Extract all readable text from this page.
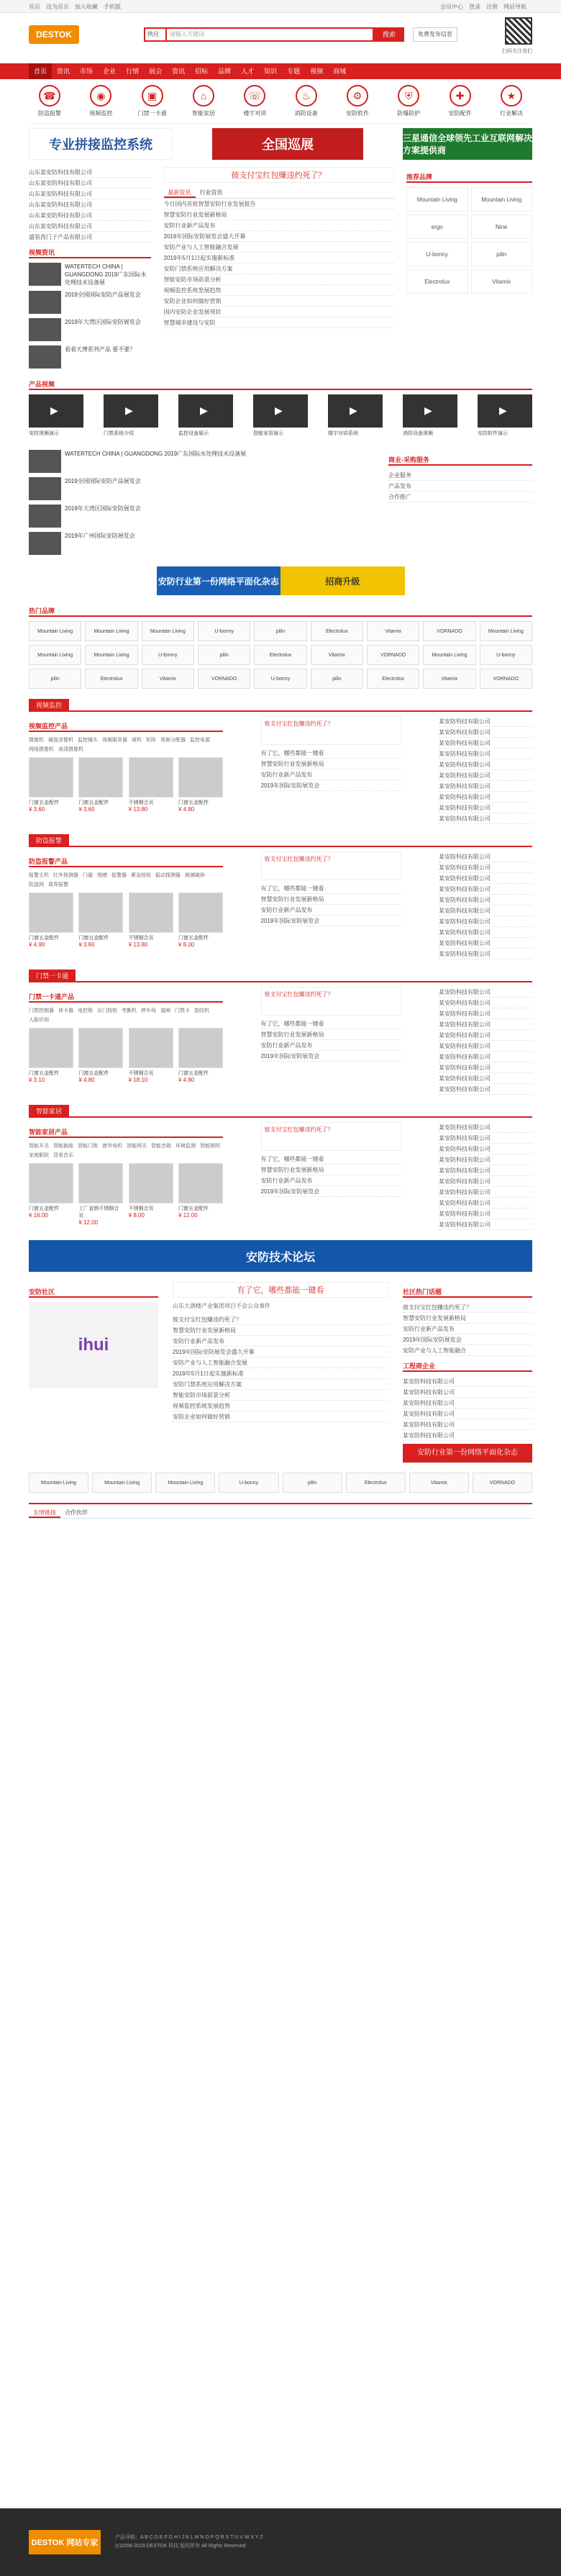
首页 设为首页 加入收藏 手机版	会员中心 登录 注册 网站导航
DESTOK	供应	请输入关键词	搜索	免费发布信息
扫码关注我们
首页	资讯	市场	企业	行情	展会	资讯	招标	品牌	人才	知识	专题	视频	商城
☎
防盗报警
◉
视频监控
▣
门禁一卡通
⌂
智能家居
☏
楼宇对讲
♨
消防设备
⚙
安防软件
⛨
防爆防护
✚
安防配件
★
行业解决
专业拼接监控系统	全国巡展	三星通信全球领先工业互联网解决方案提供商
山东某安防科技有限公司
山东某安防科技有限公司
山东某安防科技有限公司
山东某安防科技有限公司
山东某安防科技有限公司
山东某安防科技有限公司
盛装西门子产品有限公司
视频资讯
WATERTECH CHINA | GUANGDONG 2019广东国际水处理技术设备展
2019全国国际安防产品展览会
2019年大湾区国际安防展览会
看看天博系列产品 要不要？
彼支付宝红包赚违约死了？
最新资讯	行业资讯
今日国内首批智慧安防行业发展报告
智慧安防行业发展新格局
安防行业新产品发布
2019年国际安防展览会盛大开幕
安防产业与人工智能融合发展
2019年5月1日起实施新标准
安防门禁系统应用解决方案
智能安防市场前景分析
视频监控系统发展趋势
安防企业如何做好营销
国内安防企业发展现状
智慧城市建设与安防
推荐品牌
Mountain Living	Mountain Living
ergo	Nine
U-bonny	pilin
Electrolux	Vitamix
产品视频
▶
安防视频演示
▶	门禁系统介绍
▶	监控设备展示
▶	智能家居演示
▶	楼宇对讲系统
▶	消防设备视频
▶	安防软件演示
WATERTECH CHINA | GUANGDONG 2019广东国际水处理技术设备展
2019全国国际安防产品展览会
2019年大湾区国际安防展览会
2019年广州国际安防展览会
商业-采购服务
企业服务
产品发布
合作推广
安防行业第一份网络平面化杂志	招商升级
热门品牌
Mountain Living	Mountain Living	Mountain Living	U-bonny	pilin	Electrolux	Vitamix	VORNADO	Mountain Living
Mountain Living	Mountain Living	U-bonny	pilin	Electrolux	Vitamix	VORNADO	Mountain Living	U-bonny
pilin	Electrolux	Vitamix	VORNADO	U-bonny	pilin	Electrolux	Vitamix	VORNADO
视频监控
视频监控产品
摄像机 硬盘录像机 监控镜头 视频服务器 球机 矩阵 视频分配器 监控电源
网络摄像机 高清摄像机
门窗五金配件
¥ 3.60
门窗五金配件
¥ 3.60
不锈钢合页
¥ 13.80
门窗五金配件
¥ 4.80
彼支付宝红包赚违约死了？
有了它，哪些都能一键看
智慧安防行业发展新格局
安防行业新产品发布
2019年国际安防展览会
某安防科技有限公司
某安防科技有限公司
某安防科技有限公司
某安防科技有限公司
某安防科技有限公司
某安防科技有限公司
某安防科技有限公司
某安防科技有限公司
某安防科技有限公司
某安防科技有限公司
防盗报警
防盗报警产品
报警主机 红外探测器 门磁 烟感 报警器 紧急按钮 振动探测器 玻璃破碎
防盗网 周界报警
门窗五金配件
¥ 4.90
门窗五金配件
¥ 3.60
不锈钢合页
¥ 13.80
门窗五金配件
¥ 8.00
彼支付宝红包赚违约死了？
有了它，哪些都能一键看
智慧安防行业发展新格局
安防行业新产品发布
2019年国际安防展览会
某安防科技有限公司
某安防科技有限公司
某安防科技有限公司
某安防科技有限公司
某安防科技有限公司
某安防科技有限公司
某安防科技有限公司
某安防科技有限公司
某安防科技有限公司
某安防科技有限公司
门禁一卡通
门禁一卡通产品
门禁控制器 读卡器 电控锁 出门按钮 考勤机 停车场 道闸 门禁卡 指纹机
人脸识别
门窗五金配件
¥ 3.10
门窗五金配件
¥ 4.80
不锈钢合页
¥ 18.10
门窗五金配件
¥ 4.80
彼支付宝红包赚违约死了？
有了它，哪些都能一键看
智慧安防行业发展新格局
安防行业新产品发布
2019年国际安防展览会
某安防科技有限公司
某安防科技有限公司
某安防科技有限公司
某安防科技有限公司
某安防科技有限公司
某安防科技有限公司
某安防科技有限公司
某安防科技有限公司
某安防科技有限公司
某安防科技有限公司
智能家居
智能家居产品
智能开关 智能插座 智能门锁 窗帘电机 智能网关 智能音箱 环境监测 智能照明
家庭影院 背景音乐
门窗五金配件
¥ 16.00
工厂直销不锈钢合页
¥ 12.00
不锈钢合页
¥ 8.00
门窗五金配件
¥ 12.00
彼支付宝红包赚违约死了？
有了它，哪些都能一键看
智慧安防行业发展新格局
安防行业新产品发布
2019年国际安防展览会
某安防科技有限公司
某安防科技有限公司
某安防科技有限公司
某安防科技有限公司
某安防科技有限公司
某安防科技有限公司
某安防科技有限公司
某安防科技有限公司
某安防科技有限公司
某安防科技有限公司
安防技术论坛
安防社区
ihui
有了它，哪些都能一键看
山东大酒楼产业集团项目不会公众事件
彼支付宝红包赚违约死了？
智慧安防行业发展新格局
安防行业新产品发布
2019年国际安防展览会盛大开幕
安防产业与人工智能融合发展
2019年5月1日起实施新标准
安防门禁系统应用解决方案
智能安防市场前景分析
视频监控系统发展趋势
安防企业如何做好营销
社区热门话题
彼支付宝红包赚违约死了？
智慧安防行业发展新格局
安防行业新产品发布
2019年国际安防展览会
安防产业与人工智能融合
工程商企业
某安防科技有限公司
某安防科技有限公司
某安防科技有限公司
某安防科技有限公司
某安防科技有限公司
某安防科技有限公司
安防行业第一份网络平面化杂志
Mountain Living	Mountain Living	Mountain Living	U-bonny	pilin	Electrolux	Vitamix	VORNADO
友情链接	合作伙伴
DESTOK 网站专家
产品导航：A B C D E F G H I J K L M N O P Q R S T U V W X Y Z
(c)2006-2019 DESTOK 科技 版权所有 All Rights Reserved
